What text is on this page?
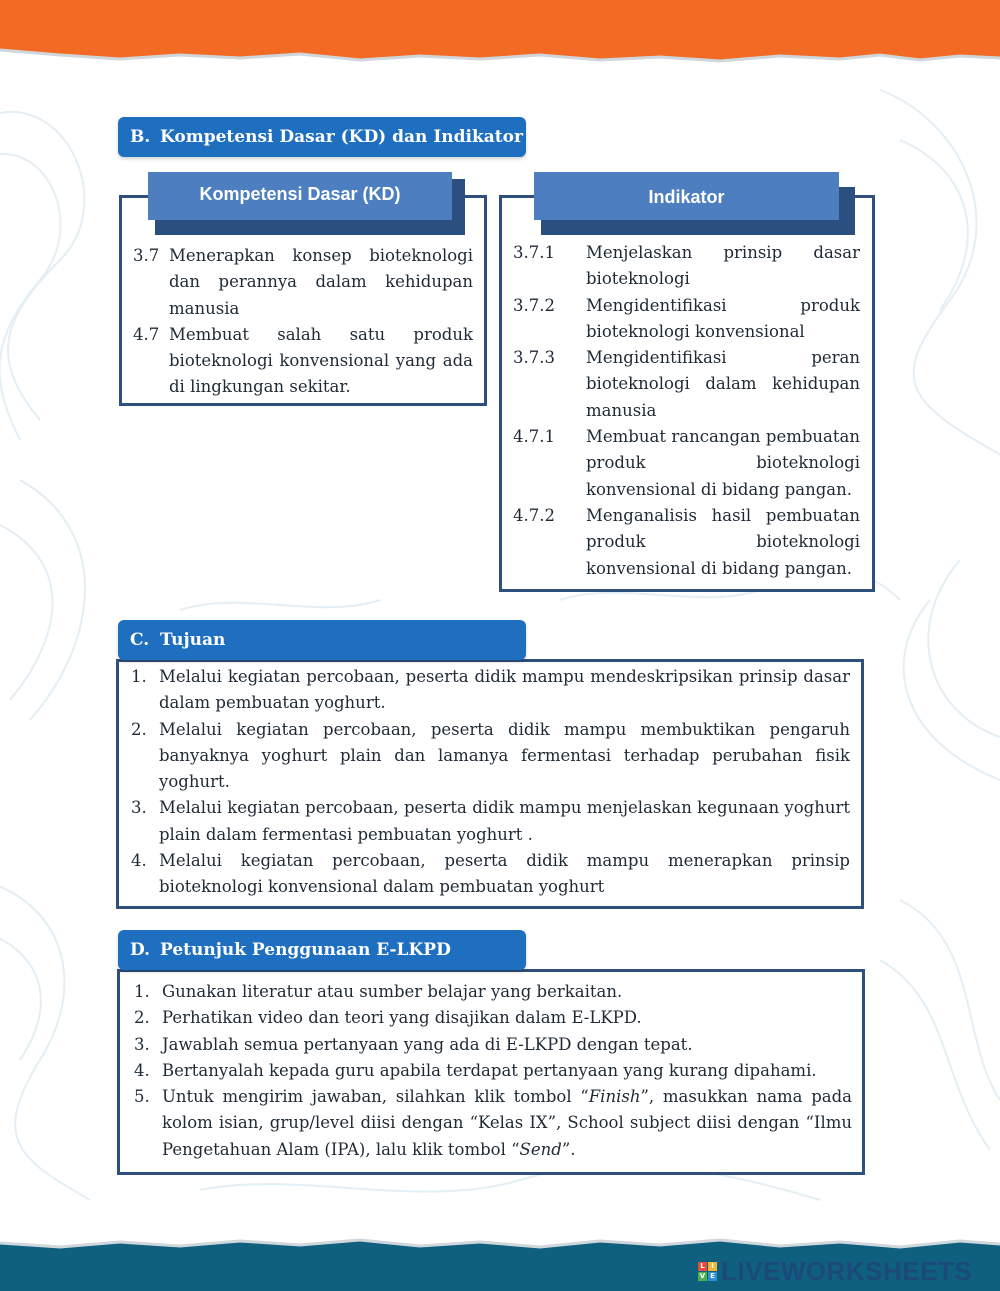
B. Kompetensi Dasar (KD) dan Indikator
Kompetensi Dasar (KD)
3.7 Menerapkan konsep bioteknologi dan perannya dalam kehidupan manusia
4.7 Membuat salah satu produk bioteknologi konvensional yang ada di lingkungan sekitar.
Indikator
3.7.1	Menjelaskan prinsip dasar bioteknologi
3.7.2	Mengidentifikasi produk bioteknologi konvensional
3.7.3	Mengidentifikasi peran bioteknologi dalam kehidupan manusia
4.7.1	Membuat rancangan pembuatan produk bioteknologi konvensional di bidang pangan.
4.7.2	Menganalisis hasil pembuatan produk bioteknologi konvensional di bidang pangan.
C. Tujuan
1. Melalui kegiatan percobaan, peserta didik mampu mendeskripsikan prinsip dasar dalam pembuatan yoghurt.
2. Melalui kegiatan percobaan, peserta didik mampu membuktikan pengaruh banyaknya yoghurt plain dan lamanya fermentasi terhadap perubahan fisik yoghurt.
3. Melalui kegiatan percobaan, peserta didik mampu menjelaskan kegunaan yoghurt plain dalam fermentasi pembuatan yoghurt .
4. Melalui kegiatan percobaan, peserta didik mampu menerapkan prinsip bioteknologi konvensional dalam pembuatan yoghurt
D. Petunjuk Penggunaan E-LKPD
1. Gunakan literatur atau sumber belajar yang berkaitan.
2. Perhatikan video dan teori yang disajikan dalam E-LKPD.
3. Jawablah semua pertanyaan yang ada di E-LKPD dengan tepat.
4. Bertanyalah kepada guru apabila terdapat pertanyaan yang kurang dipahami.
5. Untuk mengirim jawaban, silahkan klik tombol “Finish”, masukkan nama pada kolom isian, grup/level diisi dengan “Kelas IX”, School subject diisi dengan “Ilmu Pengetahuan Alam (IPA), lalu klik tombol “Send”.
L I
V E LIVEWORKSHEETS
